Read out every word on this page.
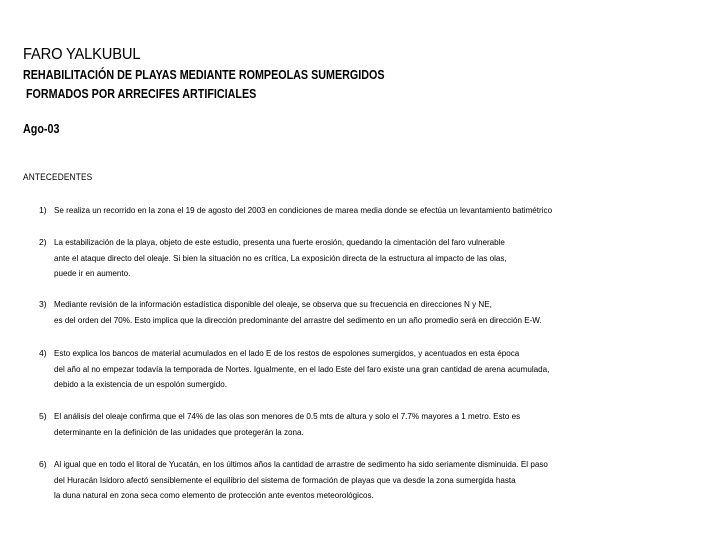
FARO YALKUBUL
REHABILITACIÓN DE PLAYAS MEDIANTE ROMPEOLAS SUMERGIDOS
FORMADOS POR ARRECIFES ARTIFICIALES
Ago-03
ANTECEDENTES
1) Se realiza un recorrido en la zona el 19 de agosto del 2003 en condiciones de marea media donde se efectúa un levantamiento batimétrico
2) La estabilización de la playa, objeto de este estudio, presenta una fuerte erosión, quedando la cimentación del faro vulnerable
ante el ataque directo del oleaje. Si bien la situación no es crítica, La exposición directa de la estructura al impacto de las olas,
puede ir en aumento.
3) Mediante revisión de la información estadística disponible del oleaje, se observa que su frecuencia en direcciones N y NE,
es del orden del 70%. Esto implica que la dirección predominante del arrastre del sedimento en un año promedio será en dirección E-W.
4) Esto explica los bancos de material acumulados en el lado E de los restos de espolones sumergidos, y acentuados en esta época
del año al no empezar todavía la temporada de Nortes. Igualmente, en el lado Este del faro existe una gran cantidad de arena acumulada,
debido a la existencia de un espolón sumergido.
5) El análisis del oleaje confirma que el 74% de las olas son menores de 0.5 mts de altura y solo el 7.7% mayores a 1 metro. Esto es
determinante en la definición de las unidades que protegerán la zona.
6) Al igual que en todo el litoral de Yucatán, en los últimos años la cantidad de arrastre de sedimento ha sido seriamente disminuida. El paso
del Huracán Isidoro afectó sensiblemente el equilibrio del sistema de formación de playas que va desde la zona sumergida hasta
la duna natural en zona seca como elemento de protección ante eventos meteorológicos.
